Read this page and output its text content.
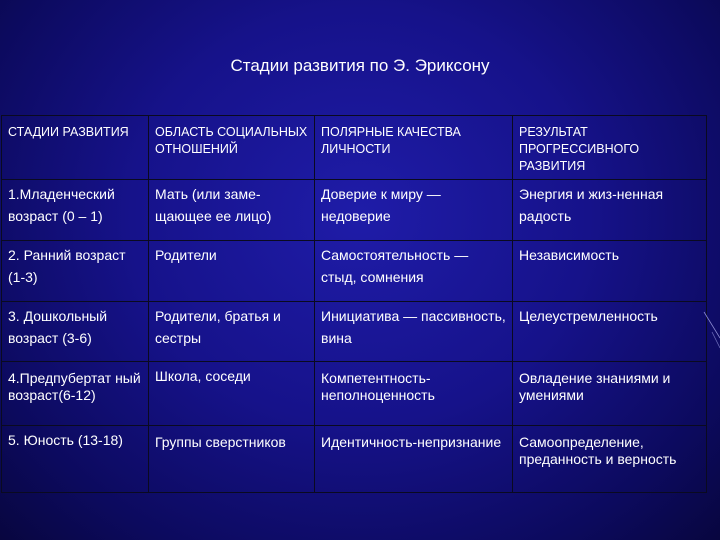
Стадии развития по Э. Эриксону
СТАДИИ РАЗВИТИЯ	ОБЛАСТЬ СОЦИАЛЬНЫХ ОТНОШЕНИЙ	ПОЛЯРНЫЕ КАЧЕСТВА ЛИЧНОСТИ	РЕЗУЛЬТАТ ПРОГРЕССИВНОГО РАЗВИТИЯ
1.Младенческий возраст (0 – 1)	Мать (или заме-щающее ее лицо)	Доверие к миру — недоверие	Энергия и жиз-ненная радость
2. Ранний возраст (1-3)	Родители	Самостоятельность — стыд, сомнения	Независимость
3. Дошкольный возраст (3-6)	Родители, братья и сестры	Инициатива — пассивность, вина	Целеустремленность
4.Предпубертат ный возраст(6-12)	Школа, соседи	Компетентность-неполноценность	Овладение знаниями и умениями
5. Юность (13-18)	Группы сверстников	Идентичность-непризнание	Самоопределение, преданность и верность
